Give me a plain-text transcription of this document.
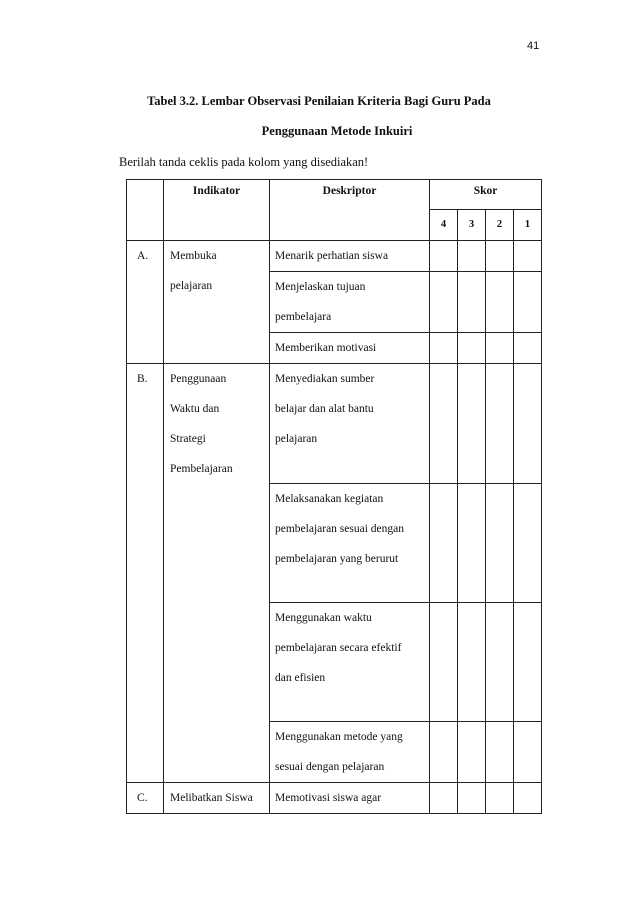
41
Tabel 3.2. Lembar Observasi Penilaian Kriteria Bagi Guru Pada
Penggunaan Metode Inkuiri
Berilah tanda ceklis pada kolom yang disediakan!
	Indikator	Deskriptor	Skor			
			4	3	2	1

A.	Membuka
pelajaran	Menarik perhatian siswa				

		Menjelaskan tujuan
pembelajara				

		Memberikan motivasi				

B.	Penggunaan
Waktu dan
Strategi
Pembelajaran	Menyediakan sumber
belajar dan alat bantu
pelajaran				

		Melaksanakan kegiatan
pembelajaran sesuai dengan
pembelajaran yang berurut				

		Menggunakan waktu
pembelajaran secara efektif
dan efisien				

		Menggunakan metode yang
sesuai dengan pelajaran				

C.	Melibatkan Siswa	Memotivasi siswa agar				
